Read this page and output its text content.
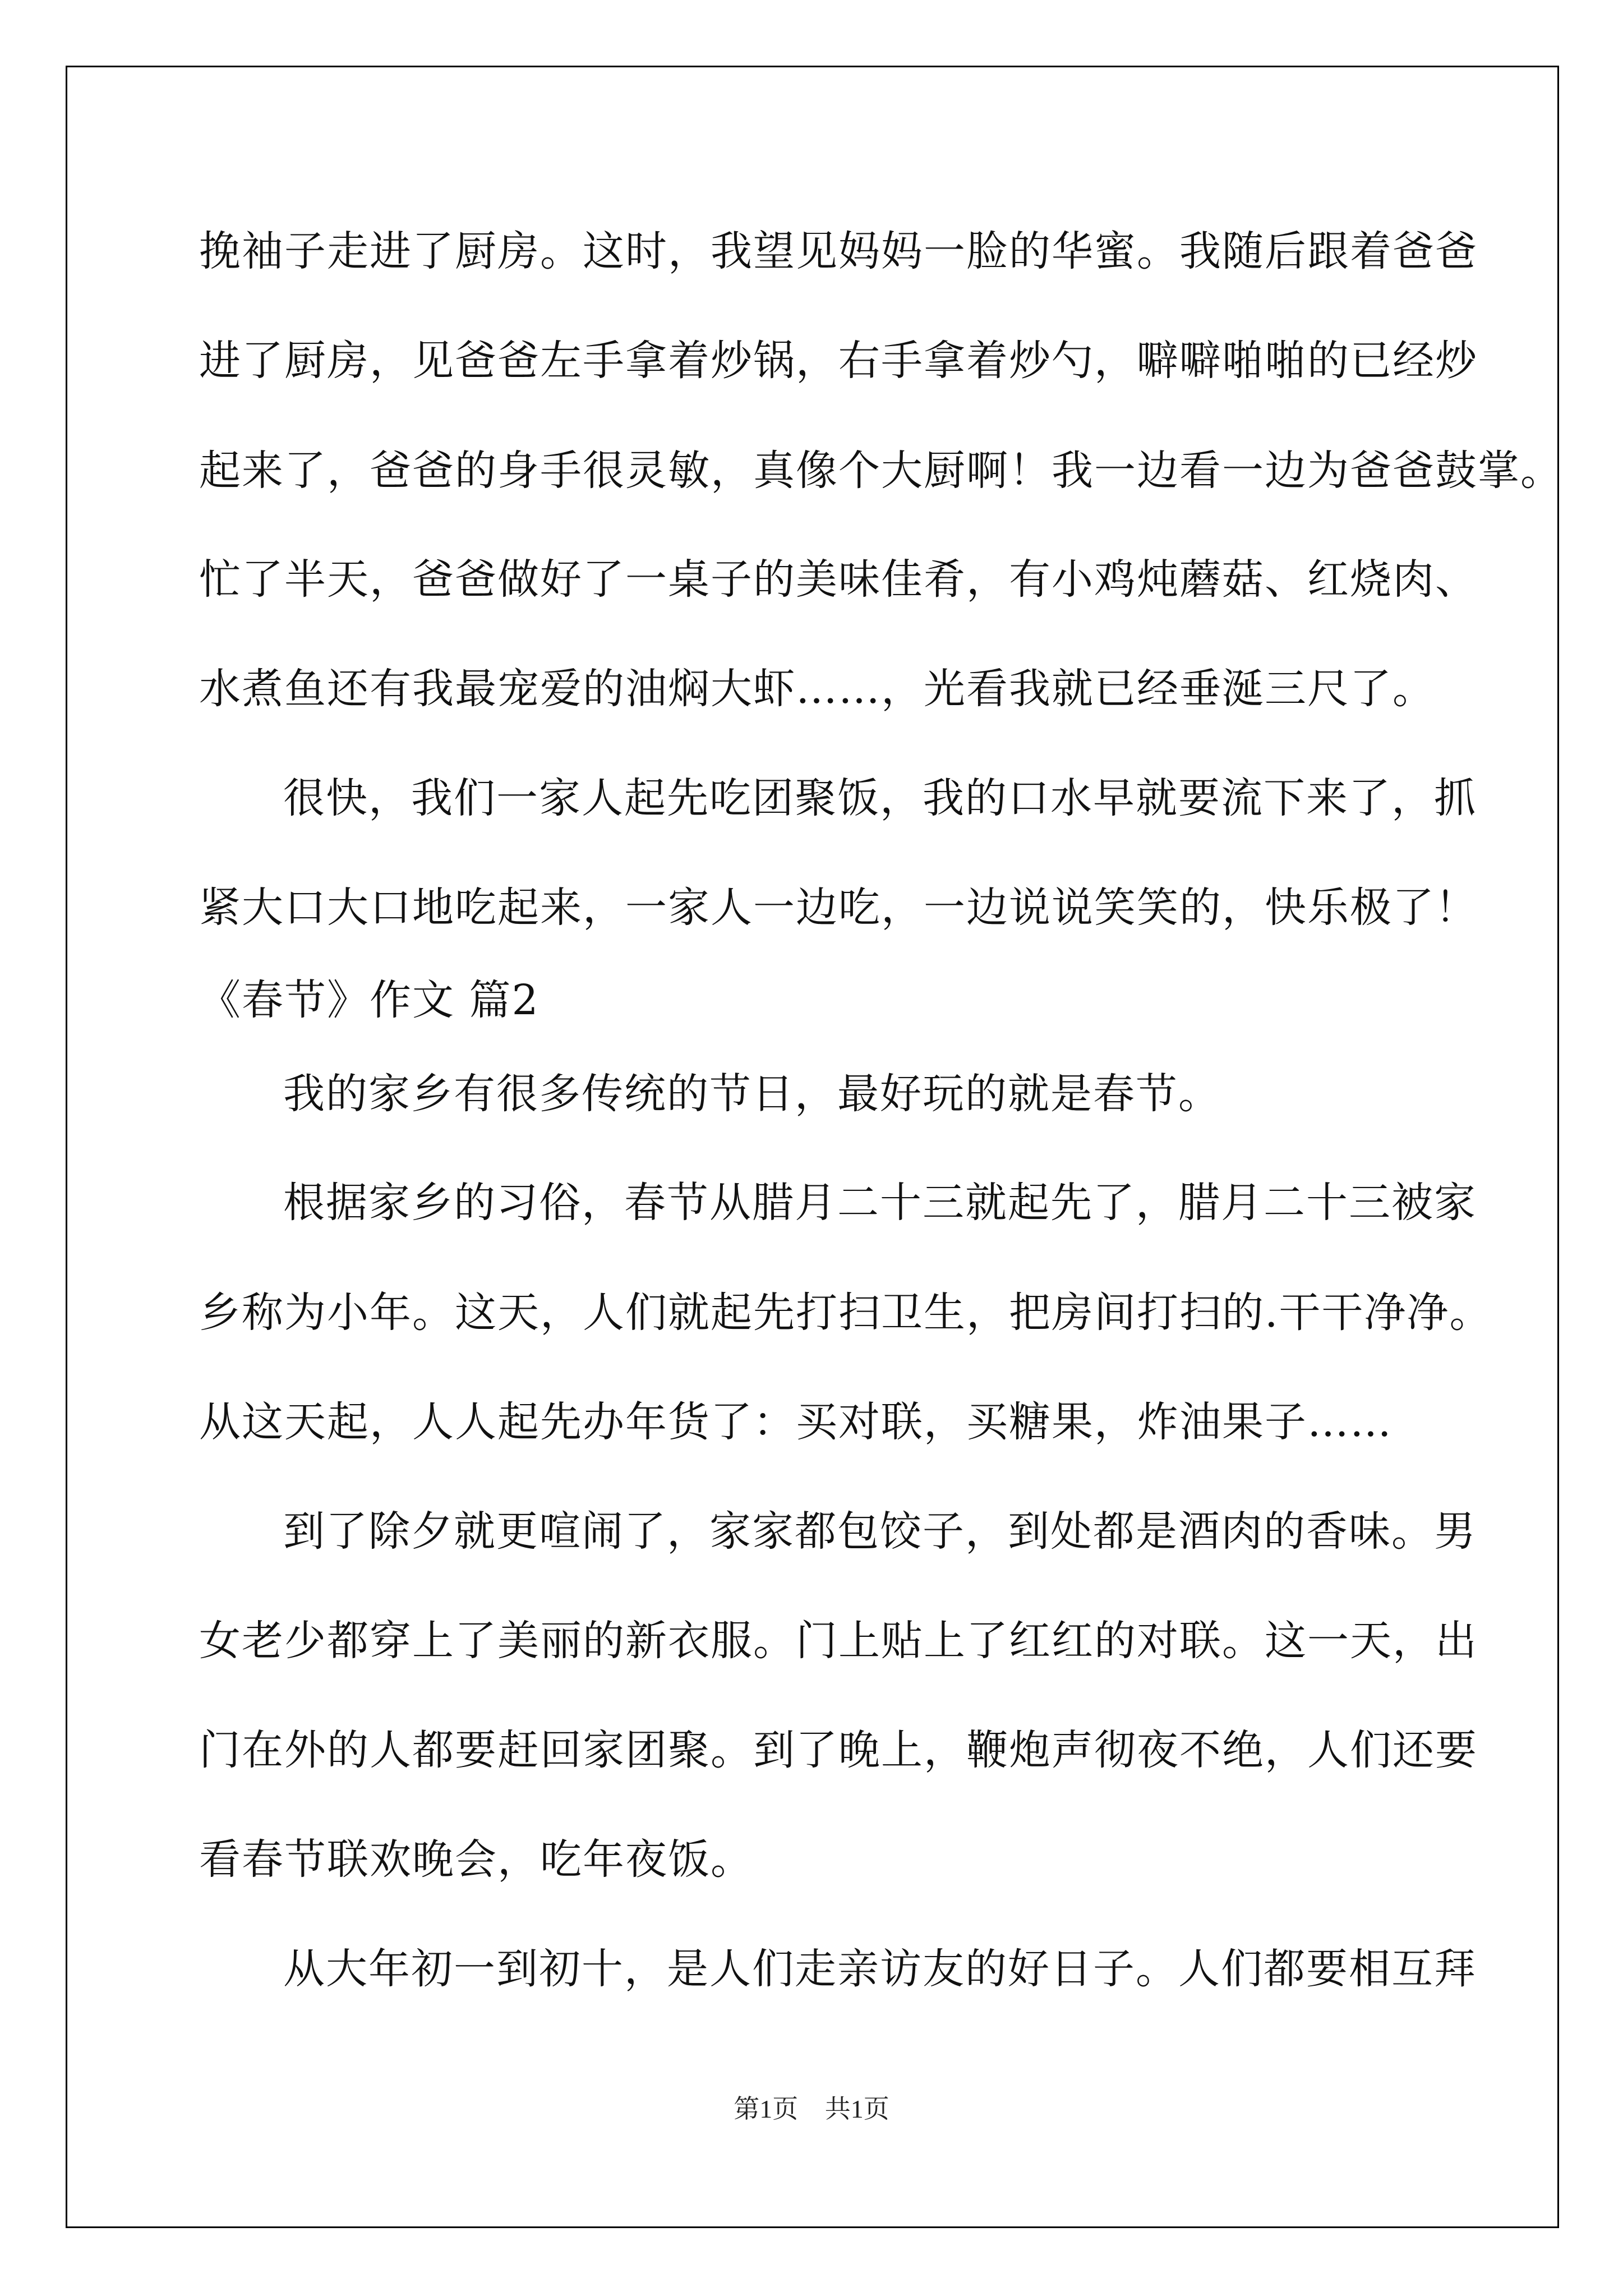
挽袖子走进了厨房。这时，我望见妈妈一脸的华蜜。我随后跟着爸爸

进了厨房，见爸爸左手拿着炒锅，右手拿着炒勺，噼噼啪啪的已经炒

起来了，爸爸的身手很灵敏，真像个大厨啊！我一边看一边为爸爸鼓掌。

忙了半天，爸爸做好了一桌子的美味佳肴，有小鸡炖蘑菇、红烧肉、

水煮鱼还有我最宠爱的油焖大虾……，光看我就已经垂涎三尺了。

很快，我们一家人起先吃团聚饭，我的口水早就要流下来了，抓

紧大口大口地吃起来，一家人一边吃，一边说说笑笑的，快乐极了！

《春节》作文 篇2

我的家乡有很多传统的节日，最好玩的就是春节。

根据家乡的习俗，春节从腊月二十三就起先了，腊月二十三被家

乡称为小年。这天，人们就起先打扫卫生，把房间打扫的.干干净净。

从这天起，人人起先办年货了：买对联，买糖果，炸油果子……

到了除夕就更喧闹了，家家都包饺子，到处都是酒肉的香味。男

女老少都穿上了美丽的新衣服。门上贴上了红红的对联。这一天，出

门在外的人都要赶回家团聚。到了晚上，鞭炮声彻夜不绝，人们还要

看春节联欢晚会，吃年夜饭。

从大年初一到初十，是人们走亲访友的好日子。人们都要相互拜

第1页 共1页
